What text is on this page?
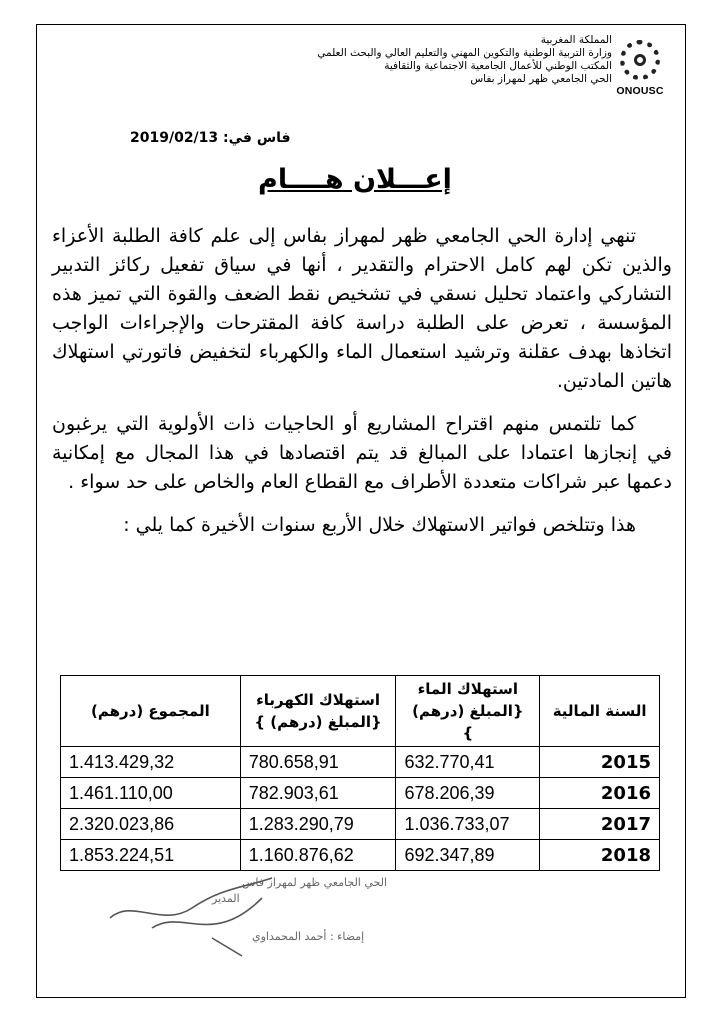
المملكة المغربية
وزارة التربية الوطنية والتكوين المهني والتعليم العالي والبحث العلمي
المكتب الوطني للأعمال الجامعية الاجتماعية والثقافية
الحي الجامعي ظهر لمهراز بفاس
ONOUSC
فاس في: 2019/02/13
إعـــلان هــــام

تنهي إدارة الحي الجامعي ظهر لمهراز بفاس إلى علم كافة الطلبة الأعزاء والذين تكن لهم كامل الاحترام والتقدير ، أنها في سياق تفعيل ركائز التدبير التشاركي واعتماد تحليل نسقي في تشخيص نقط الضعف والقوة التي تميز هذه المؤسسة ، تعرض على الطلبة دراسة كافة المقترحات والإجراءات الواجب اتخاذها بهدف عقلنة وترشيد استعمال الماء والكهرباء لتخفيض فاتورتي استهلاك هاتين المادتين.

كما تلتمس منهم اقتراح المشاريع أو الحاجيات ذات الأولوية التي يرغبون في إنجازها اعتمادا على المبالغ قد يتم اقتصادها في هذا المجال مع إمكانية دعمها عبر شراكات متعددة الأطراف مع القطاع العام والخاص على حد سواء .

هذا وتتلخص فواتير الاستهلاك خلال الأربع سنوات الأخيرة كما يلي :

السنة المالية	استهلاك الماء {المبلغ (درهم) }	استهلاك الكهرباء {المبلغ (درهم) }	المجموع (درهم)
2015	632.770,41	780.658,91	1.413.429,32
2016	678.206,39	782.903,61	1.461.110,00
2017	1.036.733,07	1.283.290,79	2.320.023,86
2018	692.347,89	1.160.876,62	1.853.224,51
الحي الجامعي ظهر لمهراز فاس
المدير
إمضاء : أحمد المحمداوي
